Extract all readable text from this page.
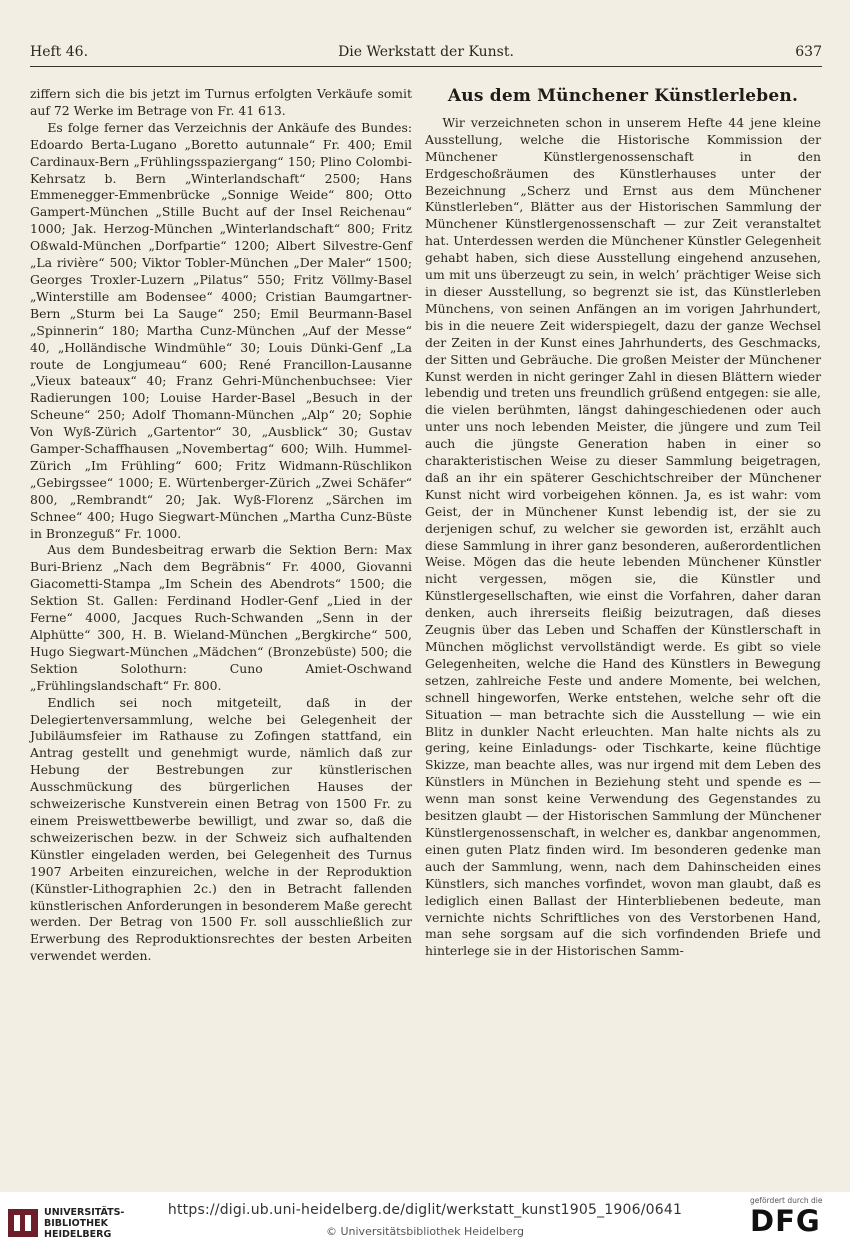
Heft 46.	Die Werkstatt der Kunst.	637

ziffern sich die bis jetzt im Turnus erfolgten Verkäufe somit auf 72 Werke im Betrage von Fr. 41 613.

Es folge ferner das Verzeichnis der Ankäufe des Bundes: Edoardo Berta-Lugano „Boretto autunnale“ Fr. 400; Emil Cardinaux-Bern „Frühlingsspaziergang“ 150; Plino Colombi-Kehrsatz b. Bern „Winterlandschaft“ 2500; Hans Emmenegger-Emmenbrücke „Sonnige Weide“ 800; Otto Gampert-München „Stille Bucht auf der Insel Reichenau“ 1000; Jak. Herzog-München „Winterlandschaft“ 800; Fritz Oßwald-München „Dorfpartie“ 1200; Albert Silvestre-Genf „La rivière“ 500; Viktor Tobler-München „Der Maler“ 1500; Georges Troxler-Luzern „Pilatus“ 550; Fritz Völlmy-Basel „Winterstille am Bodensee“ 4000; Cristian Baumgartner-Bern „Sturm bei La Sauge“ 250; Emil Beurmann-Basel „Spinnerin“ 180; Martha Cunz-München „Auf der Messe“ 40, „Holländische Windmühle“ 30; Louis Dünki-Genf „La route de Longjumeau“ 600; René Francillon-Lausanne „Vieux bateaux“ 40; Franz Gehri-Münchenbuchsee: Vier Radierungen 100; Louise Harder-Basel „Besuch in der Scheune“ 250; Adolf Thomann-München „Alp“ 20; Sophie Von Wyß-Zürich „Gartentor“ 30, „Ausblick“ 30; Gustav Gamper-Schaffhausen „Novembertag“ 600; Wilh. Hummel-Zürich „Im Frühling“ 600; Fritz Widmann-Rüschlikon „Gebirgssee“ 1000; E. Würtenberger-Zürich „Zwei Schäfer“ 800, „Rembrandt“ 20; Jak. Wyß-Florenz „Särchen im Schnee“ 400; Hugo Siegwart-München „Martha Cunz-Büste in Bronzeguß“ Fr. 1000.

Aus dem Bundesbeitrag erwarb die Sektion Bern: Max Buri-Brienz „Nach dem Begräbnis“ Fr. 4000, Giovanni Giacometti-Stampa „Im Schein des Abendrots“ 1500; die Sektion St. Gallen: Ferdinand Hodler-Genf „Lied in der Ferne“ 4000, Jacques Ruch-Schwanden „Senn in der Alphütte“ 300, H. B. Wieland-München „Bergkirche“ 500, Hugo Siegwart-München „Mädchen“ (Bronzebüste) 500; die Sektion Solothurn: Cuno Amiet-Oschwand „Frühlingslandschaft“ Fr. 800.

Endlich sei noch mitgeteilt, daß in der Delegiertenversammlung, welche bei Gelegenheit der Jubiläumsfeier im Rathause zu Zofingen stattfand, ein Antrag gestellt und genehmigt wurde, nämlich daß zur Hebung der Bestrebungen zur künstlerischen Ausschmückung des bürgerlichen Hauses der schweizerische Kunstverein einen Betrag von 1500 Fr. zu einem Preiswettbewerbe bewilligt, und zwar so, daß die schweizerischen bezw. in der Schweiz sich aufhaltenden Künstler eingeladen werden, bei Gelegenheit des Turnus 1907 Arbeiten einzureichen, welche in der Reproduktion (Künstler-Lithographien 2c.) den in Betracht fallenden künstlerischen Anforderungen in besonderem Maße gerecht werden. Der Betrag von 1500 Fr. soll ausschließlich zur Erwerbung des Reproduktionsrechtes der besten Arbeiten verwendet werden.

Aus dem Münchener Künstlerleben.

Wir verzeichneten schon in unserem Hefte 44 jene kleine Ausstellung, welche die Historische Kommission der Münchener Künstlergenossenschaft in den Erdgeschoßräumen des Künstlerhauses unter der Bezeichnung „Scherz und Ernst aus dem Münchener Künstlerleben“, Blätter aus der Historischen Sammlung der Münchener Künstlergenossenschaft — zur Zeit veranstaltet hat. Unterdessen werden die Münchener Künstler Gelegenheit gehabt haben, sich diese Ausstellung eingehend anzusehen, um mit uns überzeugt zu sein, in welch’ prächtiger Weise sich in dieser Ausstellung, so begrenzt sie ist, das Künstlerleben Münchens, von seinen Anfängen an im vorigen Jahrhundert, bis in die neuere Zeit widerspiegelt, dazu der ganze Wechsel der Zeiten in der Kunst eines Jahrhunderts, des Geschmacks, der Sitten und Gebräuche. Die großen Meister der Münchener Kunst werden in nicht geringer Zahl in diesen Blättern wieder lebendig und treten uns freundlich grüßend entgegen: sie alle, die vielen berühmten, längst dahingeschiedenen oder auch unter uns noch lebenden Meister, die jüngere und zum Teil auch die jüngste Generation haben in einer so charakteristischen Weise zu dieser Sammlung beigetragen, daß an ihr ein späterer Geschichtschreiber der Münchener Kunst nicht wird vorbeigehen können. Ja, es ist wahr: vom Geist, der in Münchener Kunst lebendig ist, der sie zu derjenigen schuf, zu welcher sie geworden ist, erzählt auch diese Sammlung in ihrer ganz besonderen, außerordentlichen Weise. Mögen das die heute lebenden Münchener Künstler nicht vergessen, mögen sie, die Künstler und Künstlergesellschaften, wie einst die Vorfahren, daher daran denken, auch ihrerseits fleißig beizutragen, daß dieses Zeugnis über das Leben und Schaffen der Künstlerschaft in München möglichst vervollständigt werde. Es gibt so viele Gelegenheiten, welche die Hand des Künstlers in Bewegung setzen, zahlreiche Feste und andere Momente, bei welchen, schnell hingeworfen, Werke entstehen, welche sehr oft die Situation — man betrachte sich die Ausstellung — wie ein Blitz in dunkler Nacht erleuchten. Man halte nichts als zu gering, keine Einladungs- oder Tischkarte, keine flüchtige Skizze, man beachte alles, was nur irgend mit dem Leben des Künstlers in München in Beziehung steht und spende es — wenn man sonst keine Verwendung des Gegenstandes zu besitzen glaubt — der Historischen Sammlung der Münchener Künstlergenossenschaft, in welcher es, dankbar angenommen, einen guten Platz finden wird. Im besonderen gedenke man auch der Sammlung, wenn, nach dem Dahinscheiden eines Künstlers, sich manches vorfindet, wovon man glaubt, daß es lediglich einen Ballast der Hinterbliebenen bedeute, man vernichte nichts Schriftliches von des Verstorbenen Hand, man sehe sorgsam auf die sich vorfindenden Briefe und hinterlege sie in der Historischen Samm-

UNIVERSITÄTS-
BIBLIOTHEK
HEIDELBERG
https://digi.ub.uni-heidelberg.de/diglit/werkstatt_kunst1905_1906/0641
© Universitätsbibliothek Heidelberg
gefördert durch die
DFG
